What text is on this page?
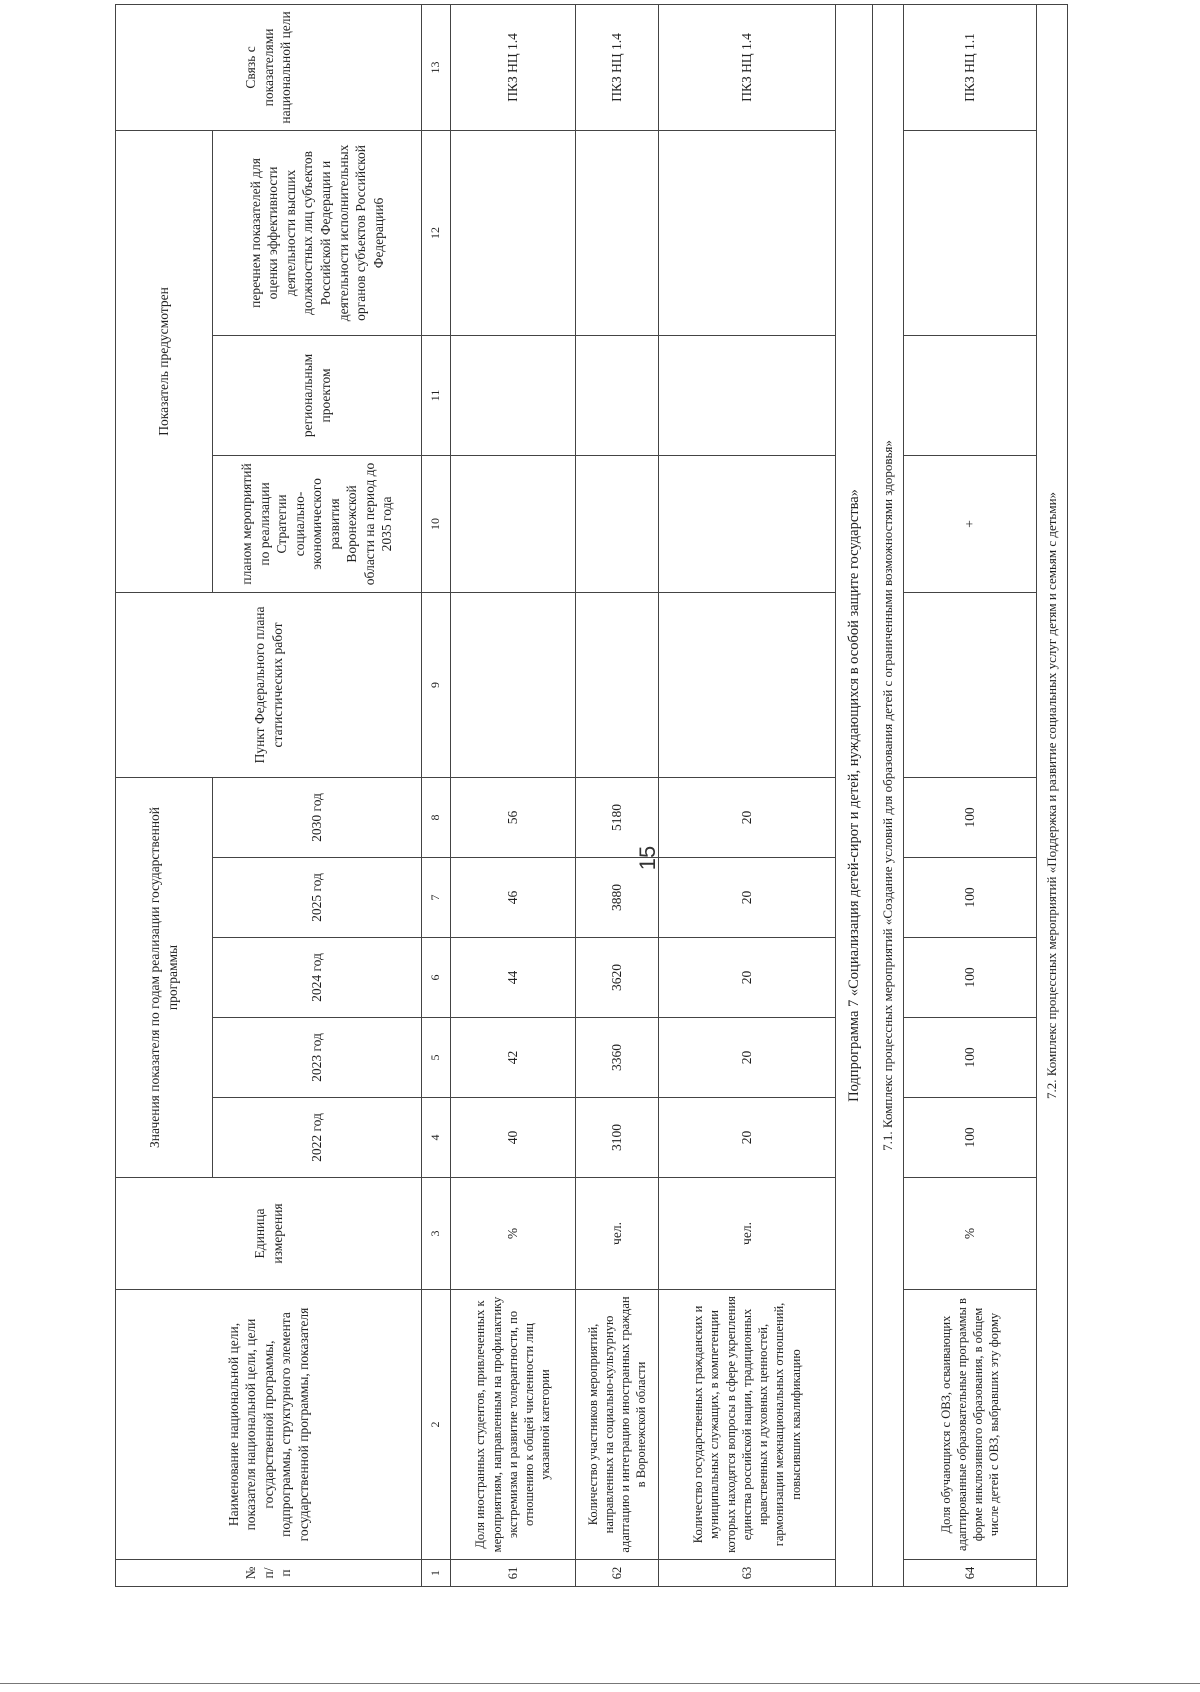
15
№ п/п	Наименование национальной цели, показателя национальной цели, цели государственной программы, подпрограммы, структурного элемента государственной программы, показателя	Единица измерения	Значения показателя по годам реализации государственной программы					Пункт Федерального плана статистических работ	Показатель предусмотрен			Связь с показателями национальной цели
			2022 год	2023 год	2024 год	2025 год	2030 год		планом мероприятий по реализации Стратегии социально-экономического развития Воронежской области на период до 2035 года	региональным проектом	перечнем показателей для оценки эффективности деятельности высших должностных лиц субъектов Российской Федерации и деятельности исполнительных органов субъектов Российской Федерации6	
1	2	3	4	5	6	7	8	9	10	11	12	13
61	Доля иностранных студентов, привлеченных к мероприятиям, направленным на профилактику экстремизма и развитие толерантности, по отношению к общей численности лиц указанной категории	%	40	42	44	46	56					ПКЗ НЦ 1.4
62	Количество участников мероприятий, направленных на социально-культурную адаптацию и интеграцию иностранных граждан в Воронежской области	чел.	3100	3360	3620	3880	5180					ПКЗ НЦ 1.4
63	Количество государственных гражданских и муниципальных служащих, в компетенции которых находятся вопросы в сфере укрепления единства российской нации, традиционных нравственных и духовных ценностей, гармонизации межнациональных отношений, повысивших квалификацию	чел.	20	20	20	20	20					ПКЗ НЦ 1.4
Подпрограмма 7 «Социализация детей-сирот и детей, нуждающихся в особой защите государства»												
7.1. Комплекс процессных мероприятий «Создание условий для образования детей с ограниченными возможностями здоровья»												
64	Доля обучающихся с ОВЗ, осваивающих адаптированные образовательные программы в форме инклюзивного образования, в общем числе детей с ОВЗ, выбравших эту форму	%	100	100	100	100	100		+			ПКЗ НЦ 1.1
7.2. Комплекс процессных мероприятий «Поддержка и развитие социальных услуг детям и семьям с детьми»												
